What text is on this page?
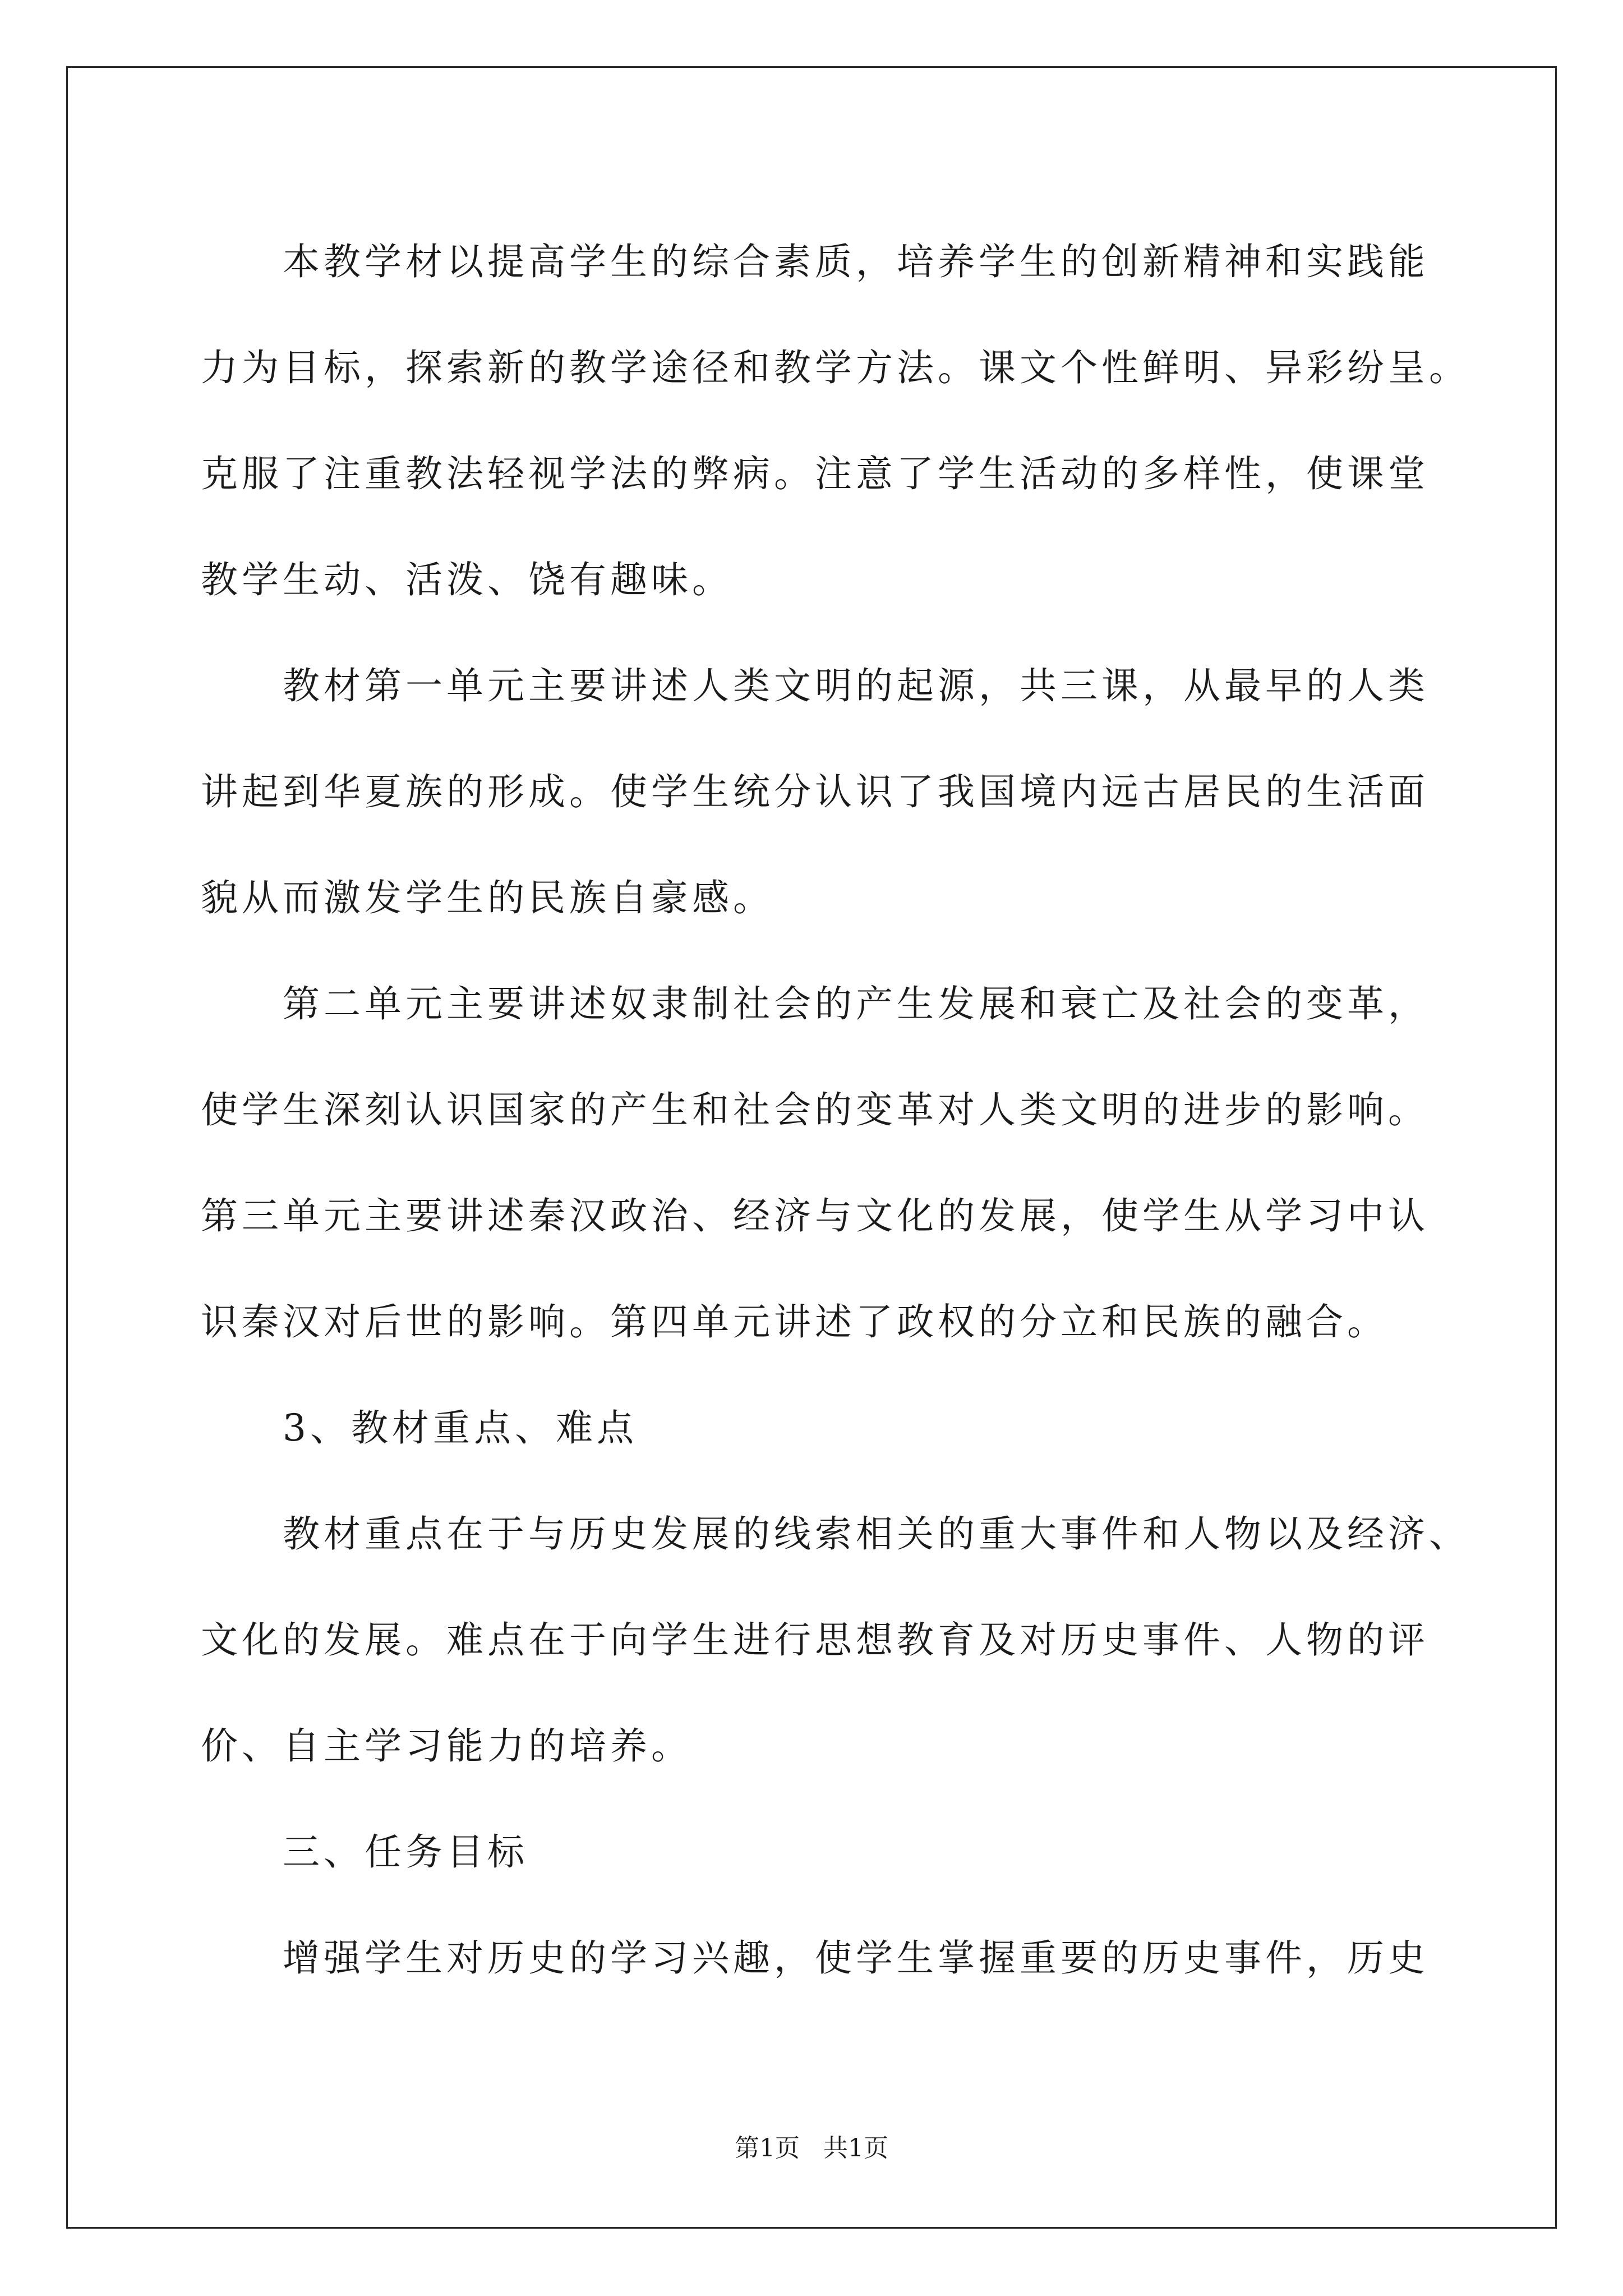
本教学材以提高学生的综合素质，培养学生的创新精神和实践能
力为目标，探索新的教学途径和教学方法。课文个性鲜明、异彩纷呈。
克服了注重教法轻视学法的弊病。注意了学生活动的多样性，使课堂
教学生动、活泼、饶有趣味。

教材第一单元主要讲述人类文明的起源，共三课，从最早的人类
讲起到华夏族的形成。使学生统分认识了我国境内远古居民的生活面
貌从而激发学生的民族自豪感。

第二单元主要讲述奴隶制社会的产生发展和衰亡及社会的变革，
使学生深刻认识国家的产生和社会的变革对人类文明的进步的影响。
第三单元主要讲述秦汉政治、经济与文化的发展，使学生从学习中认
识秦汉对后世的影响。第四单元讲述了政权的分立和民族的融合。

3、教材重点、难点

教材重点在于与历史发展的线索相关的重大事件和人物以及经济、
文化的发展。难点在于向学生进行思想教育及对历史事件、人物的评
价、自主学习能力的培养。

三、任务目标

增强学生对历史的学习兴趣，使学生掌握重要的历史事件，历史

第1页   共1页
